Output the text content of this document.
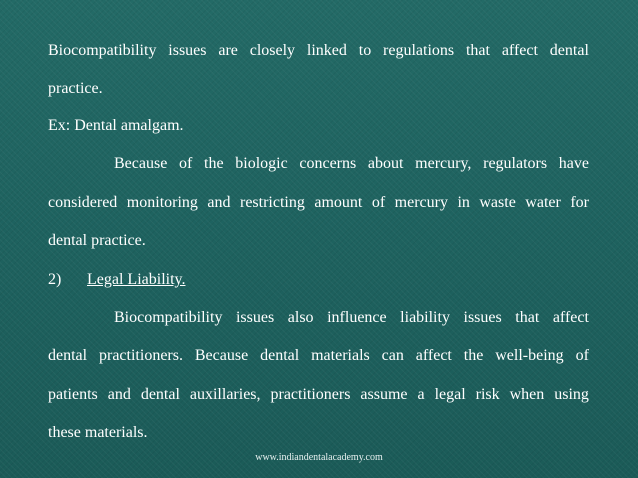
Biocompatibility issues are closely linked to regulations that affect dental
practice.
Ex: Dental amalgam.
Because of the biologic concerns about mercury, regulators have
considered monitoring and restricting amount of mercury in waste water for
dental practice.
2) Legal Liability.
Biocompatibility issues also influence liability issues that affect
dental practitioners. Because dental materials can affect the well-being of
patients and dental auxillaries, practitioners assume a legal risk when using
these materials.
www.indiandentalacademy.com
